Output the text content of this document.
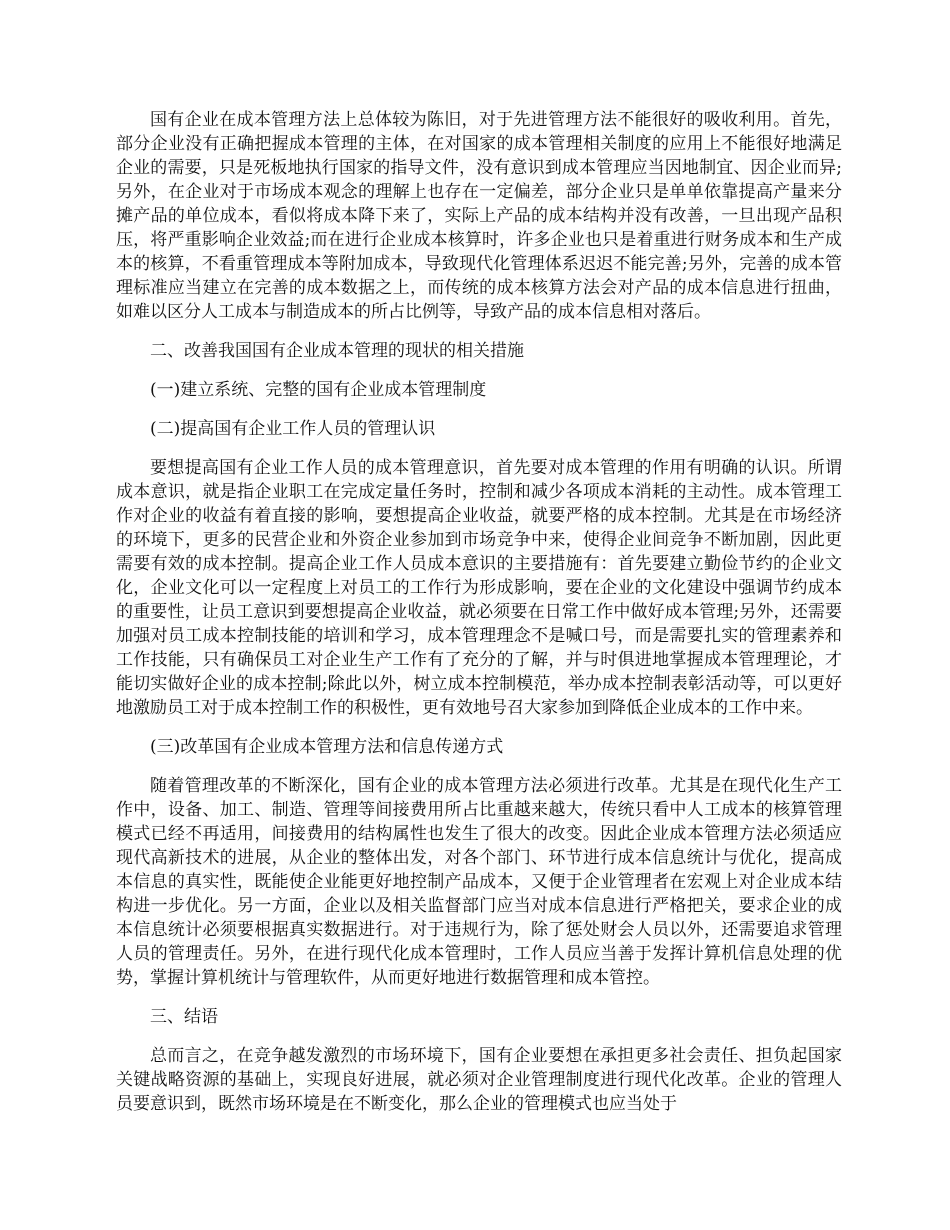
国有企业在成本管理方法上总体较为陈旧，对于先进管理方法不能很好的吸收利用。首先，部分企业没有正确把握成本管理的主体，在对国家的成本管理相关制度的应用上不能很好地满足企业的需要，只是死板地执行国家的指导文件，没有意识到成本管理应当因地制宜、因企业而异;另外，在企业对于市场成本观念的理解上也存在一定偏差，部分企业只是单单依靠提高产量来分摊产品的单位成本，看似将成本降下来了，实际上产品的成本结构并没有改善，一旦出现产品积压，将严重影响企业效益;而在进行企业成本核算时，许多企业也只是着重进行财务成本和生产成本的核算，不看重管理成本等附加成本，导致现代化管理体系迟迟不能完善;另外，完善的成本管理标准应当建立在完善的成本数据之上，而传统的成本核算方法会对产品的成本信息进行扭曲，如难以区分人工成本与制造成本的所占比例等，导致产品的成本信息相对落后。

二、改善我国国有企业成本管理的现状的相关措施

(一)建立系统、完整的国有企业成本管理制度

(二)提高国有企业工作人员的管理认识

要想提高国有企业工作人员的成本管理意识，首先要对成本管理的作用有明确的认识。所谓成本意识，就是指企业职工在完成定量任务时，控制和减少各项成本消耗的主动性。成本管理工作对企业的收益有着直接的影响，要想提高企业收益，就要严格的成本控制。尤其是在市场经济的环境下，更多的民营企业和外资企业参加到市场竞争中来，使得企业间竞争不断加剧，因此更需要有效的成本控制。提高企业工作人员成本意识的主要措施有：首先要建立勤俭节约的企业文化，企业文化可以一定程度上对员工的工作行为形成影响，要在企业的文化建设中强调节约成本的重要性，让员工意识到要想提高企业收益，就必须要在日常工作中做好成本管理;另外，还需要加强对员工成本控制技能的培训和学习，成本管理理念不是喊口号，而是需要扎实的管理素养和工作技能，只有确保员工对企业生产工作有了充分的了解，并与时俱进地掌握成本管理理论，才能切实做好企业的成本控制;除此以外，树立成本控制模范，举办成本控制表彰活动等，可以更好地激励员工对于成本控制工作的积极性，更有效地号召大家参加到降低企业成本的工作中来。

(三)改革国有企业成本管理方法和信息传递方式

随着管理改革的不断深化，国有企业的成本管理方法必须进行改革。尤其是在现代化生产工作中，设备、加工、制造、管理等间接费用所占比重越来越大，传统只看中人工成本的核算管理模式已经不再适用，间接费用的结构属性也发生了很大的改变。因此企业成本管理方法必须适应现代高新技术的进展，从企业的整体出发，对各个部门、环节进行成本信息统计与优化，提高成本信息的真实性，既能使企业能更好地控制产品成本，又便于企业管理者在宏观上对企业成本结构进一步优化。另一方面，企业以及相关监督部门应当对成本信息进行严格把关，要求企业的成本信息统计必须要根据真实数据进行。对于违规行为，除了惩处财会人员以外，还需要追求管理人员的管理责任。另外，在进行现代化成本管理时，工作人员应当善于发挥计算机信息处理的优势，掌握计算机统计与管理软件，从而更好地进行数据管理和成本管控。

三、结语

总而言之，在竞争越发激烈的市场环境下，国有企业要想在承担更多社会责任、担负起国家关键战略资源的基础上，实现良好进展，就必须对企业管理制度进行现代化改革。企业的管理人员要意识到，既然市场环境是在不断变化，那么企业的管理模式也应当处于
